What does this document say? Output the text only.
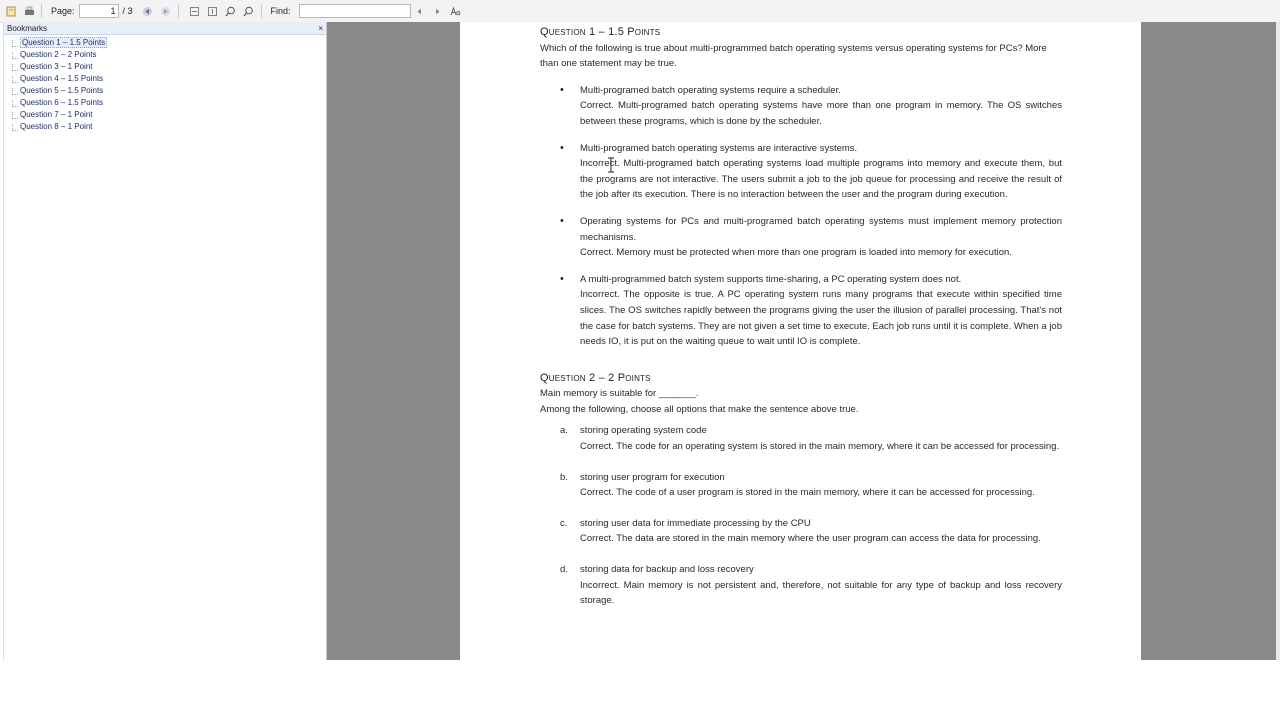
Page:	1 / 3	Find:
Bookmarks	×
Question 1 – 1.5 Points
Question 2 – 2 Points
Question 3 – 1 Point
Question 4 – 1.5 Points
Question 5 – 1.5 Points
Question 6 – 1.5 Points
Question 7 – 1 Point
Question 8 – 1 Point
Question 1 – 1.5 Points
Which of the following is true about multi-programmed batch operating systems versus operating systems for PCs? More than one statement may be true.
• Multi-programed batch operating systems require a scheduler.
Correct. Multi-programed batch operating systems have more than one program in memory. The OS switches between these programs, which is done by the scheduler.
• Multi-programed batch operating systems are interactive systems.
Incorrect. Multi-programed batch operating systems load multiple programs into memory and execute them, but the programs are not interactive. The users submit a job to the job queue for processing and receive the result of the job after its execution. There is no interaction between the user and the program during execution.
• Operating systems for PCs and multi-programed batch operating systems must implement memory protection mechanisms.
Correct. Memory must be protected when more than one program is loaded into memory for execution.
• A multi-programmed batch system supports time-sharing, a PC operating system does not.
Incorrect. The opposite is true. A PC operating system runs many programs that execute within specified time slices. The OS switches rapidly between the programs giving the user the illusion of parallel processing. That's not the case for batch systems. They are not given a set time to execute. Each job runs until it is complete. When a job needs IO, it is put on the waiting queue to wait until IO is complete.
Question 2 – 2 Points
Main memory is suitable for _______.
Among the following, choose all options that make the sentence above true.
a. storing operating system code
Correct. The code for an operating system is stored in the main memory, where it can be accessed for processing.
b. storing user program for execution
Correct. The code of a user program is stored in the main memory, where it can be accessed for processing.
c. storing user data for immediate processing by the CPU
Correct. The data are stored in the main memory where the user program can access the data for processing.
d. storing data for backup and loss recovery
Incorrect. Main memory is not persistent and, therefore, not suitable for any type of backup and loss recovery storage.
